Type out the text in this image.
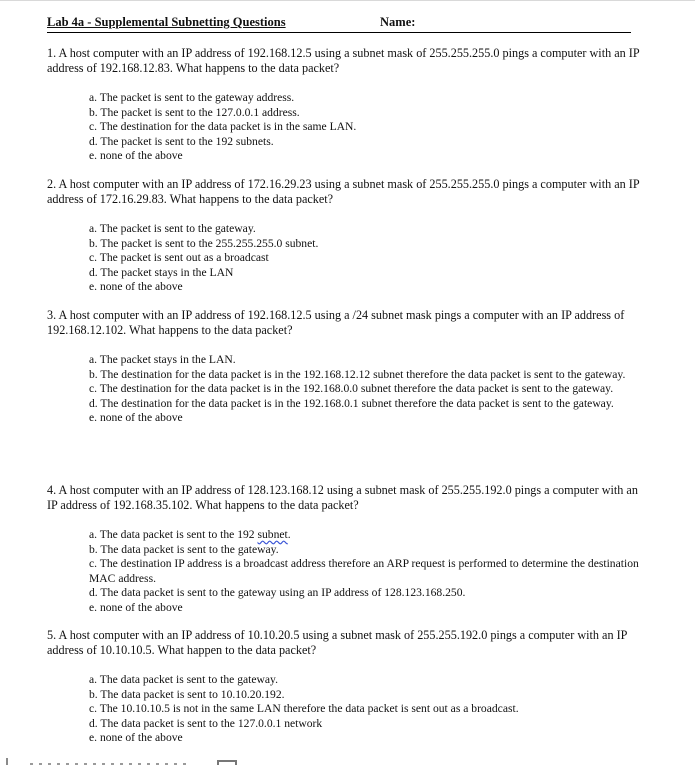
Lab 4a - Supplemental Subnetting Questions	Name:

1. A host computer with an IP address of 192.168.12.5 using a subnet mask of 255.255.255.0 pings a computer with an IP address of 192.168.12.83. What happens to the data packet?

a. The packet is sent to the gateway address.

b. The packet is sent to the 127.0.0.1 address.

c. The destination for the data packet is in the same LAN.

d. The packet is sent to the 192 subnets.

e. none of the above

2. A host computer with an IP address of 172.16.29.23 using a subnet mask of 255.255.255.0 pings a computer with an IP address of 172.16.29.83. What happens to the data packet?

a. The packet is sent to the gateway.

b. The packet is sent to the 255.255.255.0 subnet.

c. The packet is sent out as a broadcast

d. The packet stays in the LAN

e. none of the above

3. A host computer with an IP address of 192.168.12.5 using a /24 subnet mask pings a computer with an IP address of 192.168.12.102. What happens to the data packet?

a. The packet stays in the LAN.

b. The destination for the data packet is in the 192.168.12.12 subnet therefore the data packet is sent to the gateway.

c. The destination for the data packet is in the 192.168.0.0 subnet therefore the data packet is sent to the gateway.

d. The destination for the data packet is in the 192.168.0.1 subnet therefore the data packet is sent to the gateway.

e. none of the above

4. A host computer with an IP address of 128.123.168.12 using a subnet mask of 255.255.192.0 pings a computer with an IP address of 192.168.35.102. What happens to the data packet?

a. The data packet is sent to the 192 subnet.

b. The data packet is sent to the gateway.

c. The destination IP address is a broadcast address therefore an ARP request is performed to determine the destination MAC address.

d. The data packet is sent to the gateway using an IP address of 128.123.168.250.

e. none of the above

5. A host computer with an IP address of 10.10.20.5 using a subnet mask of 255.255.192.0 pings a computer with an IP address of 10.10.10.5. What happen to the data packet?

a. The data packet is sent to the gateway.

b. The data packet is sent to 10.10.20.192.

c. The 10.10.10.5 is not in the same LAN therefore the data packet is sent out as a broadcast.

d. The data packet is sent to the 127.0.0.1 network

e. none of the above
